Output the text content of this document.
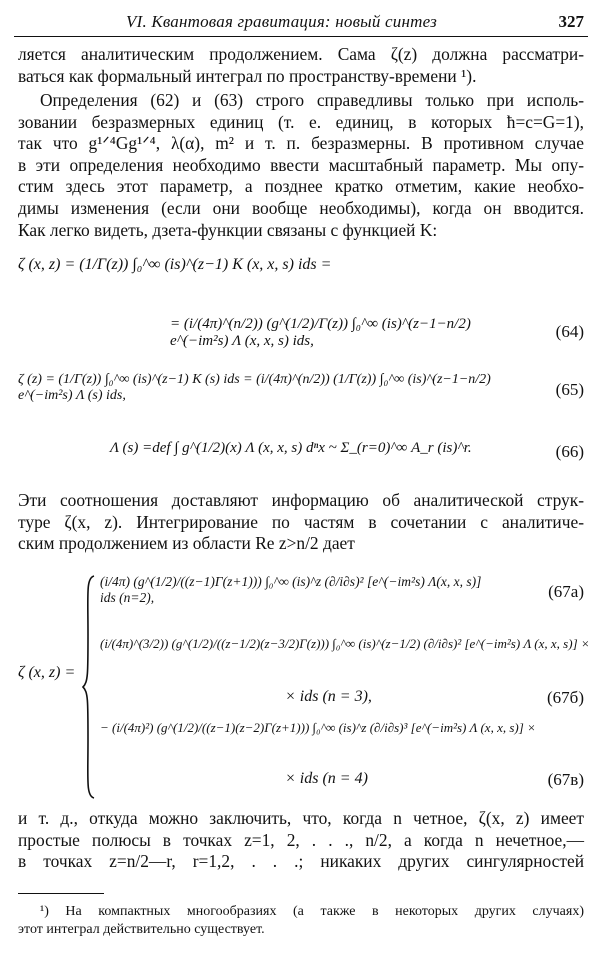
VI. Квантовая гравитация: новый синтез	327
ляется аналитическим продолжением. Сама ζ(z) должна рассматри-
ваться как формальный интеграл по пространству-времени ¹).
Определения (62) и (63) строго справедливы только при исполь-
зовании безразмерных единиц (т. е. единиц, в которых ħ=c=G=1),
так что g¹ᐟ⁴Gg¹ᐟ⁴, λ(α), m² и т. п. безразмерны. В противном случае
в эти определения необходимо ввести масштабный параметр. Мы опу-
стим здесь этот параметр, а позднее кратко отметим, какие необхо-
димы изменения (если они вообще необходимы), когда он вводится.
Как легко видеть, дзета-функции связаны с функцией K:
ζ (x, z) = (1/Γ(z)) ∫₀^∞ (is)^(z−1) K (x, x, s) ids =
= (i/(4π)^(n/2)) (g^(1/2)/Γ(z)) ∫₀^∞ (is)^(z−1−n/2) e^(−im²s) Λ (x, x, s) ids,	(64)
ζ (z) = (1/Γ(z)) ∫₀^∞ (is)^(z−1) K (s) ids = (i/(4π)^(n/2)) (1/Γ(z)) ∫₀^∞ (is)^(z−1−n/2) e^(−im²s) Λ (s) ids,	(65)
Λ (s) =def ∫ g^(1/2)(x) Λ (x, x, s) dⁿx ~ Σ_(r=0)^∞ A_r (is)^r.	(66)
Эти соотношения доставляют информацию об аналитической струк-
туре ζ(x, z). Интегрирование по частям в сочетании с аналитиче-
ским продолжением из области Re z>n/2 дает
ζ (x, z) =
(i/4π) (g^(1/2)/((z−1)Γ(z+1))) ∫₀^∞ (is)^z (∂/i∂s)² [e^(−im²s) Λ(x, x, s)] ids (n=2),	(67а)
(i/(4π)^(3/2)) (g^(1/2)/((z−1/2)(z−3/2)Γ(z))) ∫₀^∞ (is)^(z−1/2) (∂/i∂s)² [e^(−im²s) Λ (x, x, s)] ×
× ids (n = 3),	(67б)
− (i/(4π)²) (g^(1/2)/((z−1)(z−2)Γ(z+1))) ∫₀^∞ (is)^z (∂/i∂s)³ [e^(−im²s) Λ (x, x, s)] ×
× ids (n = 4)	(67в)
и т. д., откуда можно заключить, что, когда n четное, ζ(x, z) имеет
простые полюсы в точках z=1, 2, . . ., n/2, а когда n нечетное,—
в точках z=n/2—r, r=1,2, . . .; никаких других сингулярностей
¹) На компактных многообразиях (а также в некоторых других случаях)
этот интеграл действительно существует.
